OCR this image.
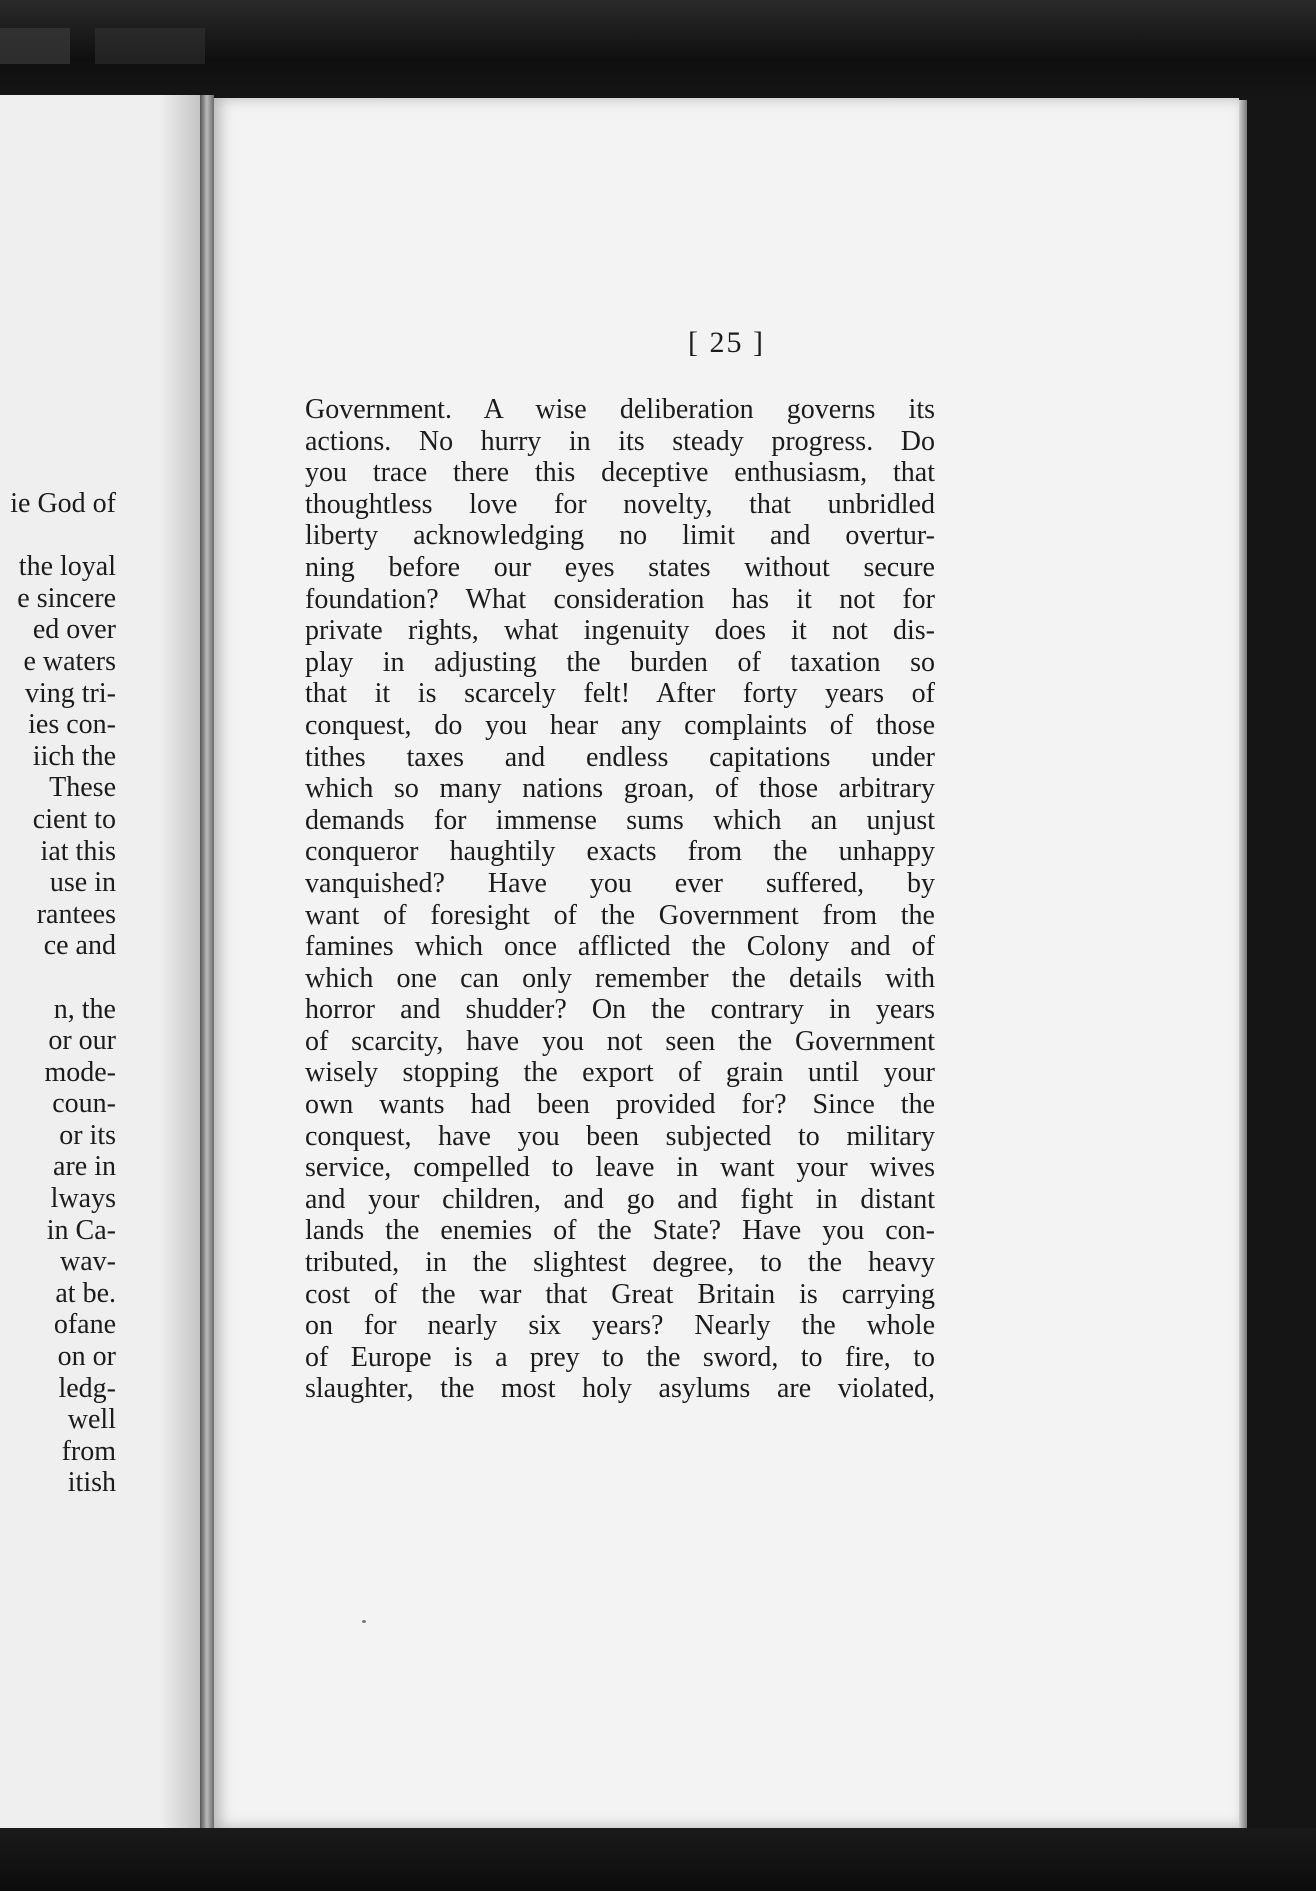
ie God of
the loyal
e sincere
ed over
e waters
ving tri-
ies con-
iich the
These
cient to
iat this
use in
rantees
ce and
n, the
or our
mode-
coun-
or its
are in
lways
in Ca-
wav-
at be.
ofane
on or
ledg-
well
from
itish
[ 25 ]
Government. A wise deliberation governs its
actions. No hurry in its steady progress. Do
you trace there this deceptive enthusiasm, that
thoughtless love for novelty, that unbridled
liberty acknowledging no limit and overtur-
ning before our eyes states without secure
foundation? What consideration has it not for
private rights, what ingenuity does it not dis-
play in adjusting the burden of taxation so
that it is scarcely felt! After forty years of
conquest, do you hear any complaints of those
tithes taxes and endless capitations under
which so many nations groan, of those arbitrary
demands for immense sums which an unjust
conqueror haughtily exacts from the unhappy
vanquished? Have you ever suffered, by
want of foresight of the Government from the
famines which once afflicted the Colony and of
which one can only remember the details with
horror and shudder? On the contrary in years
of scarcity, have you not seen the Government
wisely stopping the export of grain until your
own wants had been provided for? Since the
conquest, have you been subjected to military
service, compelled to leave in want your wives
and your children, and go and fight in distant
lands the enemies of the State? Have you con-
tributed, in the slightest degree, to the heavy
cost of the war that Great Britain is carrying
on for nearly six years? Nearly the whole
of Europe is a prey to the sword, to fire, to
slaughter, the most holy asylums are violated,
